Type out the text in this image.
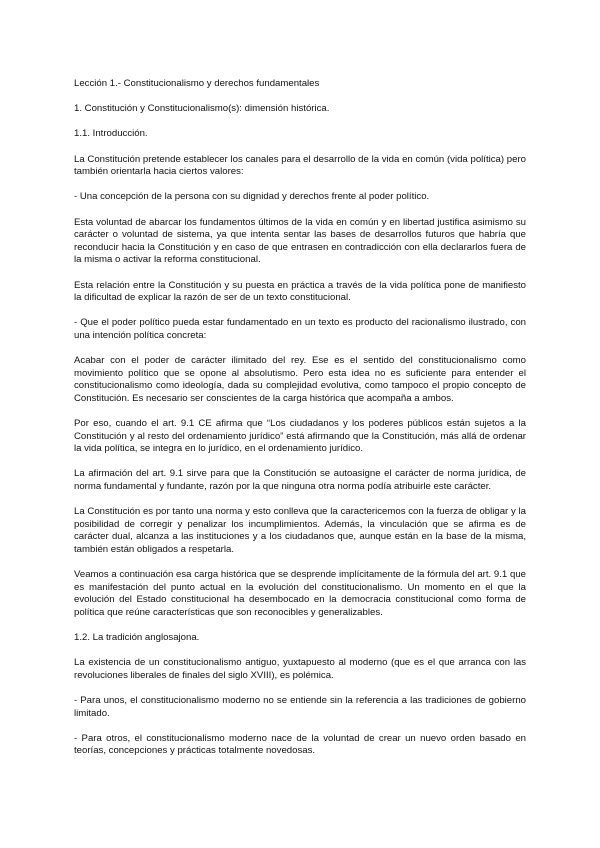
Lección 1.- Constitucionalismo y derechos fundamentales

1. Constitución y Constitucionalismo(s): dimensión histórica.

1.1. Introducción.

La Constitución pretende establecer los canales para el desarrollo de la vida en común (vida política) pero también orientarla hacia ciertos valores:

- Una concepción de la persona con su dignidad y derechos frente al poder político.

Esta voluntad de abarcar los fundamentos últimos de la vida en común y en libertad justifica asimismo su carácter o voluntad de sistema, ya que intenta sentar las bases de desarrollos futuros que habría que reconducir hacia la Constitución y en caso de que entrasen en contradicción con ella declararlos fuera de la misma o activar la reforma constitucional.

Esta relación entre la Constitución y su puesta en práctica a través de la vida política pone de manifiesto la dificultad de explicar la razón de ser de un texto constitucional.

- Que el poder político pueda estar fundamentado en un texto es producto del racionalismo ilustrado, con una intención política concreta:

Acabar con el poder de carácter ilimitado del rey. Ese es el sentido del constitucionalismo como movimiento político que se opone al absolutismo. Pero esta idea no es suficiente para entender el constitucionalismo como ideología, dada su complejidad evolutiva, como tampoco el propio concepto de Constitución. Es necesario ser conscientes de la carga histórica que acompaña a ambos.

Por eso, cuando el art. 9.1 CE afirma que “Los ciudadanos y los poderes públicos están sujetos a la Constitución y al resto del ordenamiento jurídico” está afirmando que la Constitución, más allá de ordenar la vida política, se integra en lo jurídico, en el ordenamiento jurídico.

La afirmación del art. 9.1 sirve para que la Constitución se autoasigne el carácter de norma jurídica, de norma fundamental y fundante, razón por la que ninguna otra norma podía atribuirle este carácter.

La Constitución es por tanto una norma y esto conlleva que la caractericemos con la fuerza de obligar y la posibilidad de corregir y penalizar los incumplimientos. Además, la vinculación que se afirma es de carácter dual, alcanza a las instituciones y a los ciudadanos que, aunque están en la base de la misma, también están obligados a respetarla.

Veamos a continuación esa carga histórica que se desprende implícitamente de la fórmula del art. 9.1 que es manifestación del punto actual en la evolución del constitucionalismo. Un momento en el que la evolución del Estado constitucional ha desembocado en la democracia constitucional como forma de política que reúne características que son reconocibles y generalizables.

1.2. La tradición anglosajona.

La existencia de un constitucionalismo antiguo, yuxtapuesto al moderno (que es el que arranca con las revoluciones liberales de finales del siglo XVIII), es polémica.

- Para unos, el constitucionalismo moderno no se entiende sin la referencia a las tradiciones de gobierno limitado.

- Para otros, el constitucionalismo moderno nace de la voluntad de crear un nuevo orden basado en teorías, concepciones y prácticas totalmente novedosas.
